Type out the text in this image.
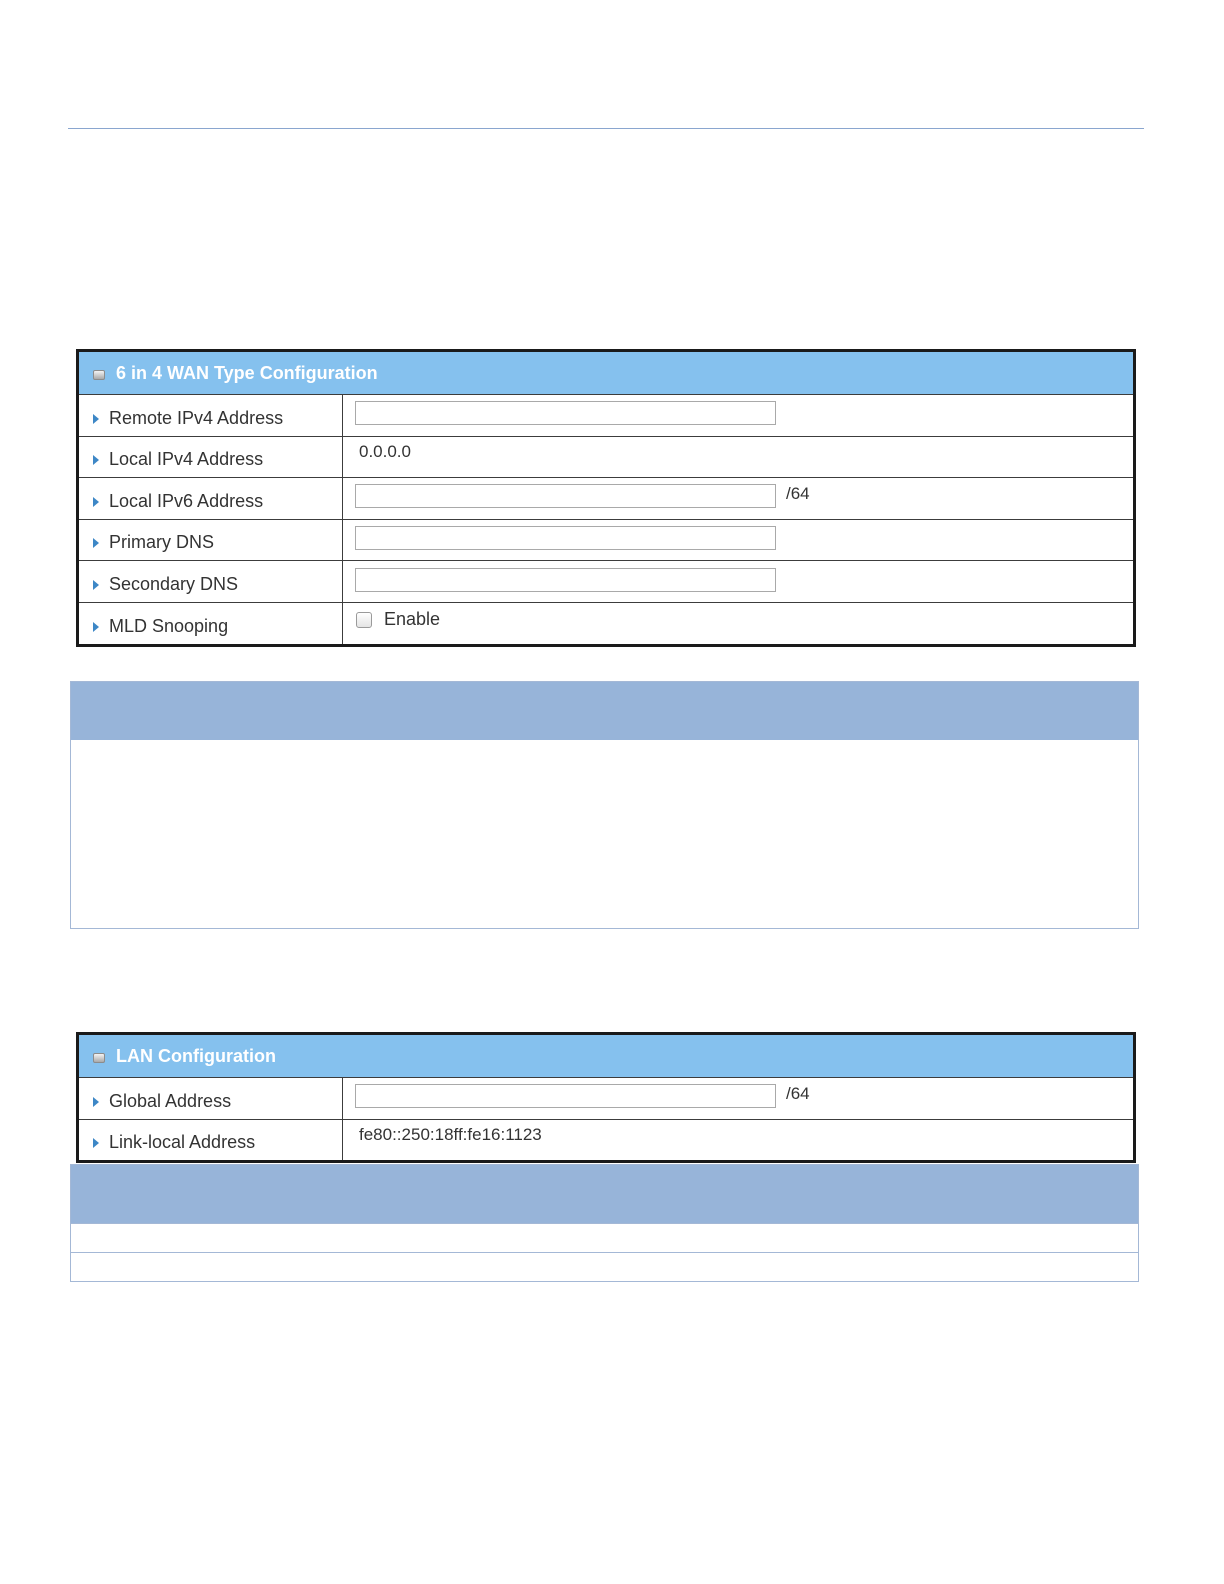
6 in 4 WAN Type Configuration
Remote IPv4 Address
Local IPv4 Address	0.0.0.0
Local IPv6 Address	/64
Primary DNS
Secondary DNS
MLD Snooping	Enable
LAN Configuration
Global Address	/64
Link-local Address	fe80::250:18ff:fe16:1123
